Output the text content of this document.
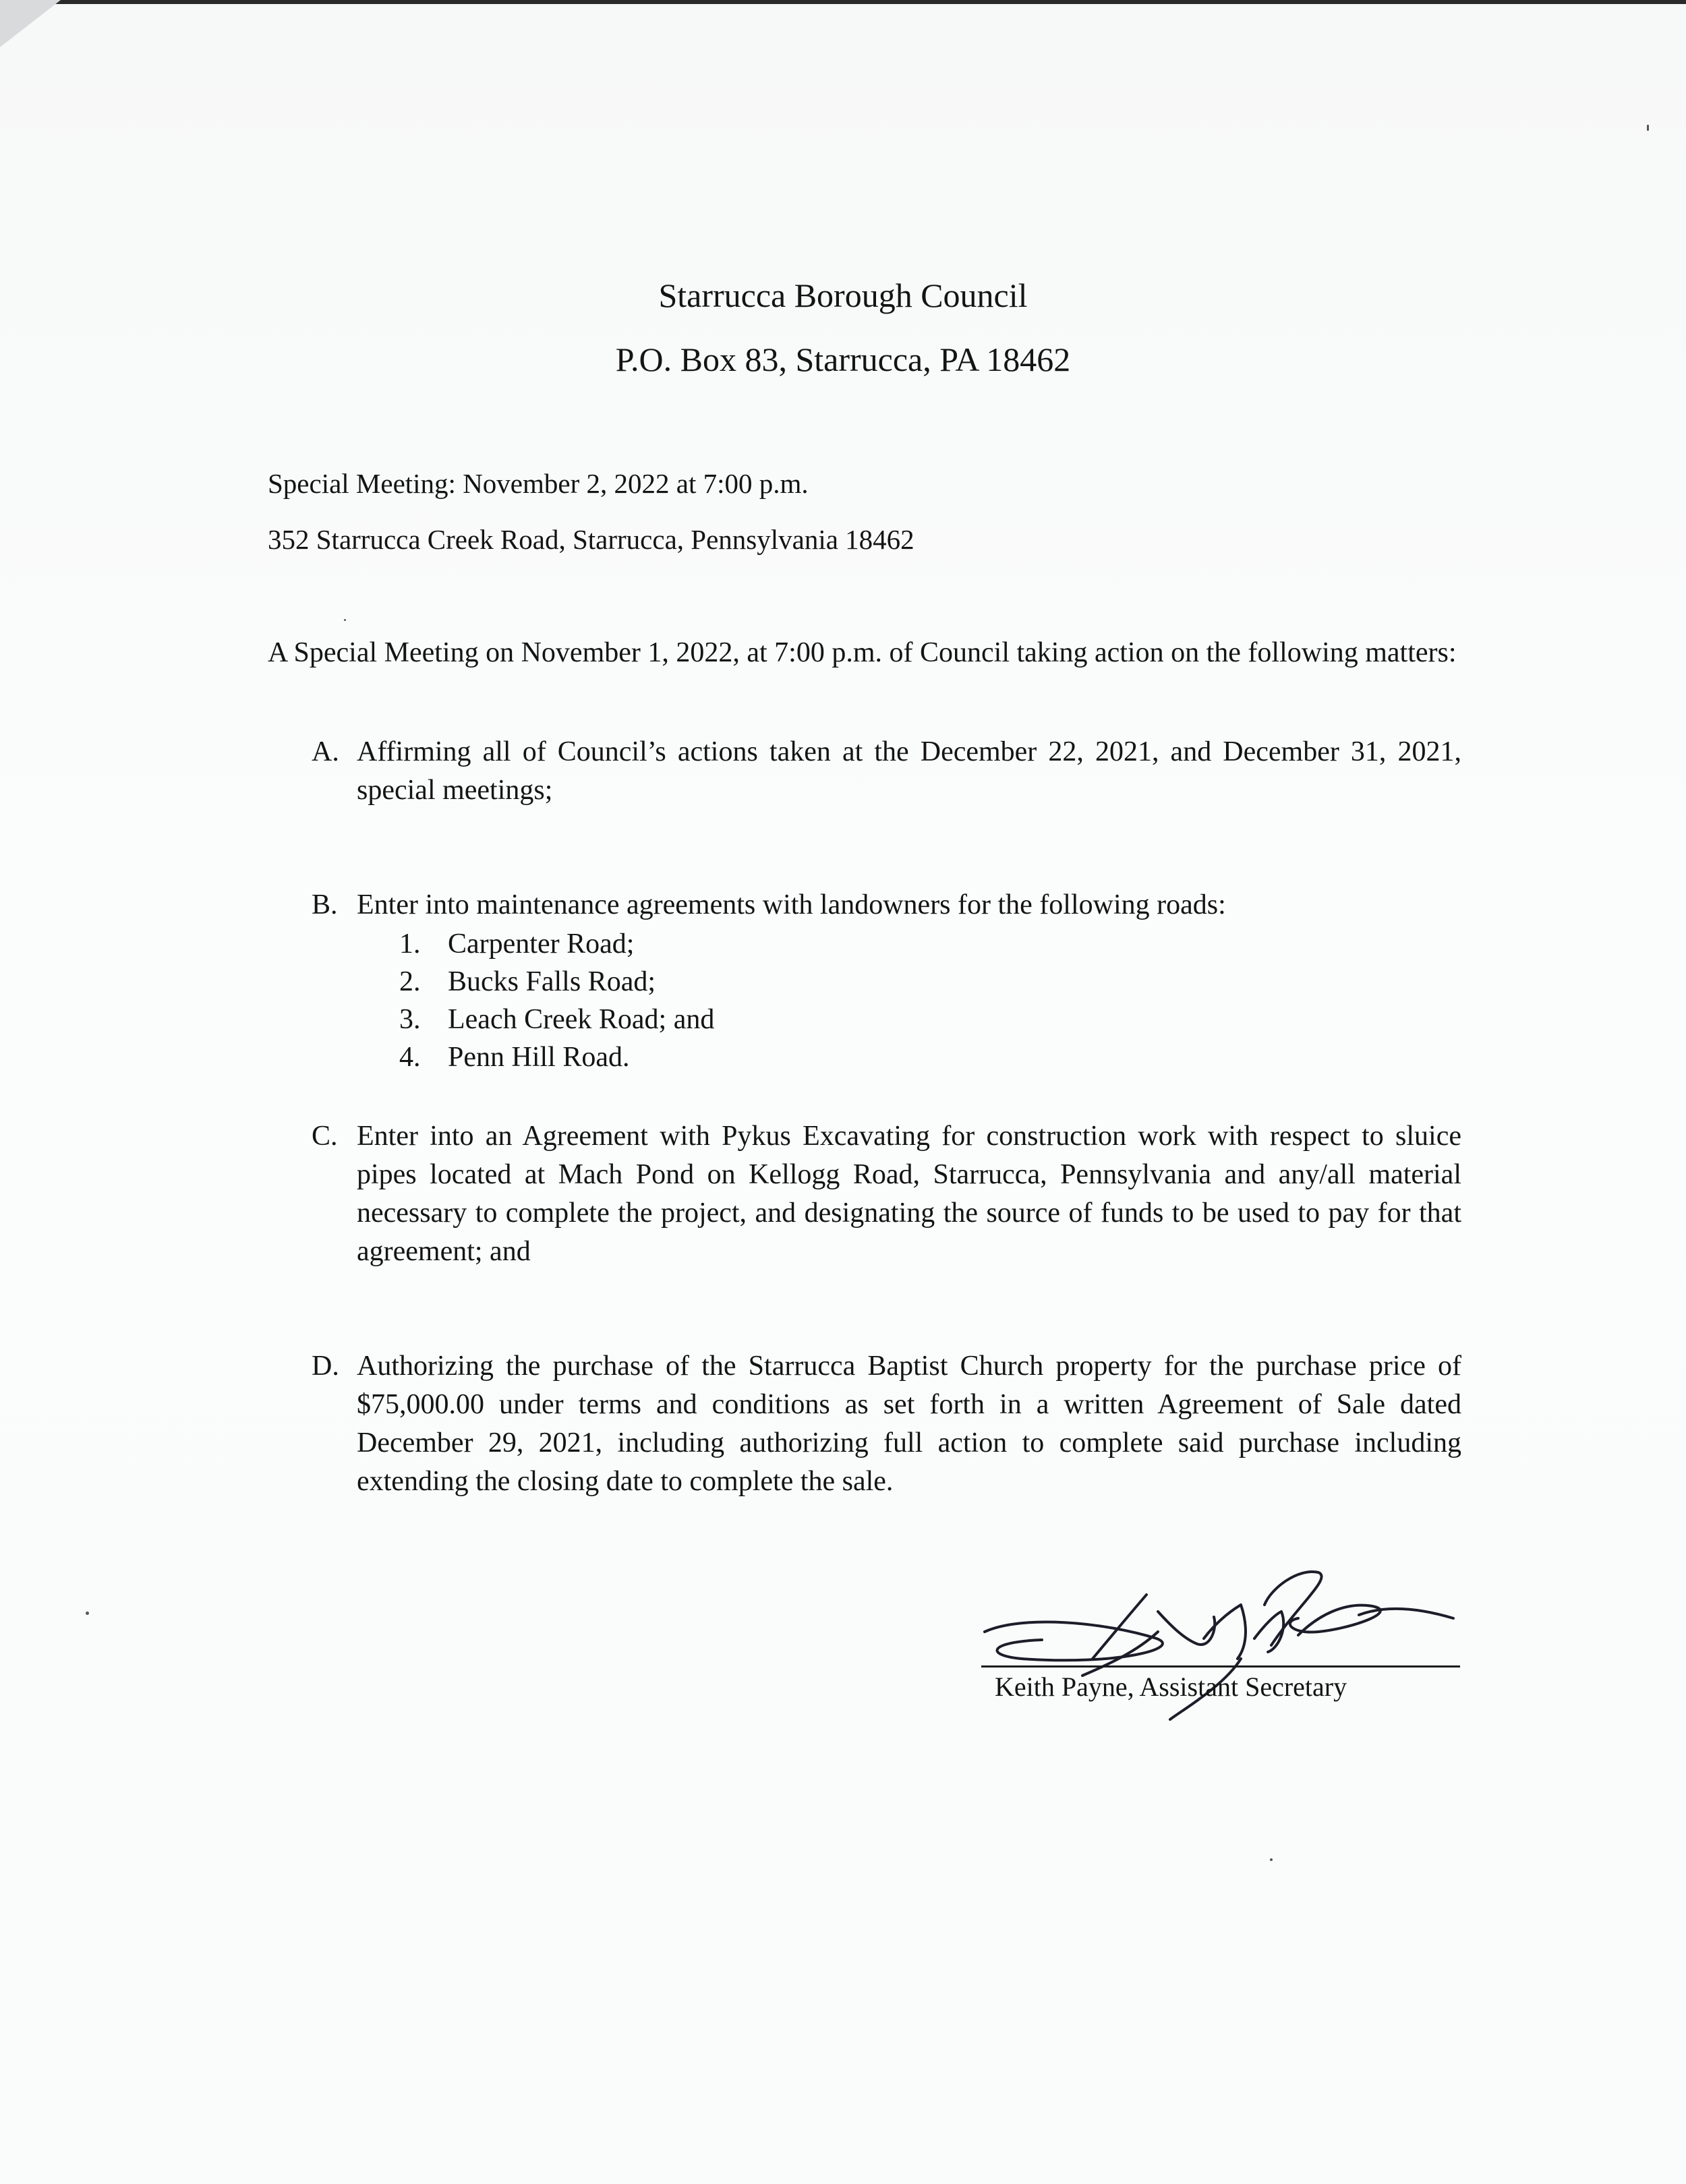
Starrucca Borough Council
P.O. Box 83, Starrucca, PA 18462
Special Meeting: November 2, 2022 at 7:00 p.m.
352 Starrucca Creek Road, Starrucca, Pennsylvania 18462
A Special Meeting on November 1, 2022, at 7:00 p.m. of Council taking action on the following matters:
A. Affirming all of Council’s actions taken at the December 22, 2021, and December 31, 2021, special meetings;
B. Enter into maintenance agreements with landowners for the following roads:
1. Carpenter Road;
2. Bucks Falls Road;
3. Leach Creek Road; and
4. Penn Hill Road.
C. Enter into an Agreement with Pykus Excavating for construction work with respect to sluice pipes located at Mach Pond on Kellogg Road, Starrucca, Pennsylvania and any/all material necessary to complete the project, and designating the source of funds to be used to pay for that agreement; and
D. Authorizing the purchase of the Starrucca Baptist Church property for the purchase price of $75,000.00 under terms and conditions as set forth in a written Agreement of Sale dated December 29, 2021, including authorizing full action to complete said purchase including extending the closing date to complete the sale.
Keith Payne, Assistant Secretary
